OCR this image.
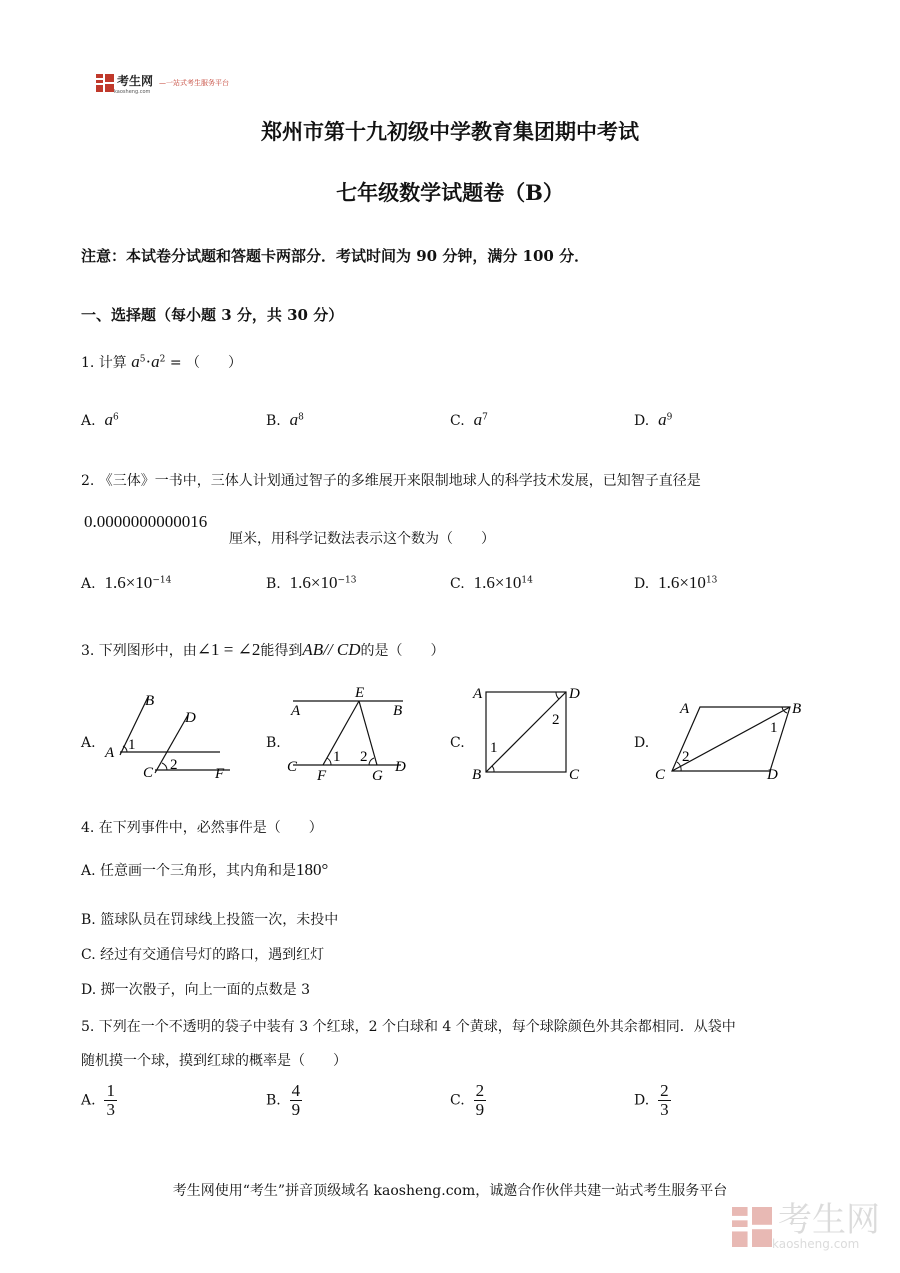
考生网
kaosheng.com
—一站式考生服务平台
郑州市第十九初级中学教育集团期中考试
七年级数学试题卷（B）
注意：本试卷分试题和答题卡两部分．考试时间为 90 分钟，满分 100 分．
一、选择题（每小题 3 分，共 30 分）
1. 计算 $a^5\cdot a^2$ = （　　）
A. $a^6$	B. $a^8$	C. $a^7$	D. $a^9$
2. 《三体》一书中，三体人计划通过智子的多维展开来限制地球人的科学技术发展，已知智子直径是
0.0000000000016
厘米，用科学记数法表示这个数为（　　）
A. $1.6\times 10^{-14}$	B. $1.6\times 10^{-13}$	C. $1.6\times 10^{14}$	D. $1.6\times 10^{13}$
3. 下列图形中，由∠1 = ∠2能得到AB// CD的是（　　）
A.
B
D
A 1
C 2
F
B.
E
A	B
C
1 2
F	G
D
C.
A	D
B	C
1
2
D.
A	B
C	D
1
2
4. 在下列事件中，必然事件是（　　）
A. 任意画一个三角形，其内角和是180°
B. 篮球队员在罚球线上投篮一次，未投中
C. 经过有交通信号灯的路口，遇到红灯
D. 掷一次骰子，向上一面的点数是 3
5. 下列在一个不透明的袋子中装有 3 个红球，2 个白球和 4 个黄球，每个球除颜色外其余都相同．从袋中
随机摸一个球，摸到红球的概率是（　　）
A. $\frac{1}{3}$	B. $\frac{4}{9}$	C. $\frac{2}{9}$	D. $\frac{2}{3}$
考生网使用“考生”拼音顶级域名 kaosheng.com，诚邀合作伙伴共建一站式考生服务平台
考生网
kaosheng.com
